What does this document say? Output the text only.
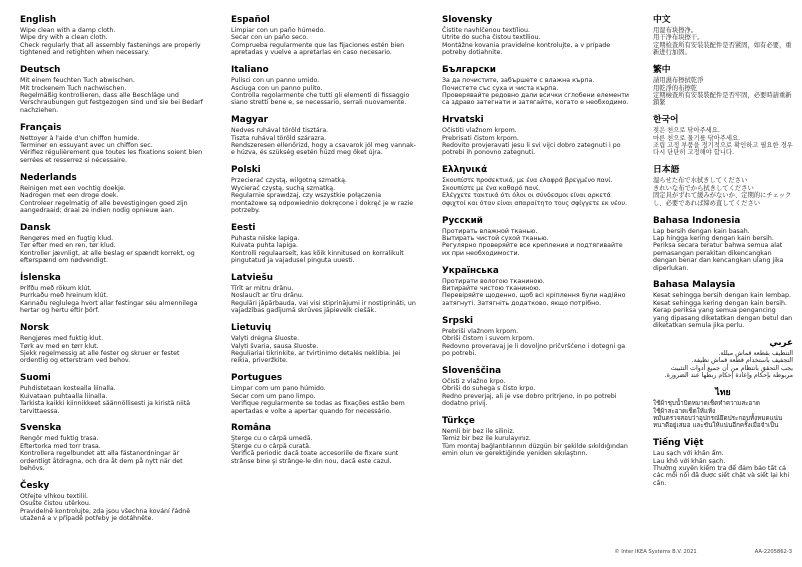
English
Wipe clean with a damp cloth.
Wipe dry with a clean cloth.
Check regularly that all assembly fastenings are properly tightened and retighten when necessary.
Deutsch
Mit einem feuchten Tuch abwischen.
Mit trockenem Tuch nachwischen.
Regelmäßig kontrollieren, dass alle Beschläge und Verschraubungen gut festgezogen sind und sie bei Bedarf nachziehen.
Français
Nettoyer à l'aide d'un chiffon humide.
Terminer en essuyant avec un chiffon sec.
Vérifiez régulièrement que toutes les fixations soient bien serrées et resserrez si nécessaire.
Nederlands
Reinigen met een vochtig doekje.
Nadrogen met een droge doek.
Controleer regelmatig of alle bevestigingen goed zijn aangedraaid; draai ze indien nodig opnieuw aan.
Dansk
Rengøres med en fugtig klud.
Tør efter med en ren, tør klud.
Kontroller jævnligt, at alle beslag er spændt korrekt, og efterspænd om nødvendigt.
Íslenska
Þrífðu með rökum klút.
Þurrkaðu með hreinum klút.
Kannaðu reglulega hvort allar festingar séu almennilega hertar og hertu eftir þörf.
Norsk
Rengjøres med fuktig klut.
Tørk av med en tørr klut.
Sjekk regelmessig at alle fester og skruer er festet ordentlig og etterstram ved behov.
Suomi
Puhdistetaan kostealla liinalla.
Kuivataan puhtaalla liinalla.
Tarkista kaikki kiinnikkeet säännöllisesti ja kiristä niitä tarvittaessa.
Svenska
Rengör med fuktig trasa.
Eftertorka med torr trasa.
Kontrollera regelbundet att alla fästanordningar är ordentligt åtdragna, och dra åt dem på nytt när det behövs.
Česky
Otřejte vlhkou textilií.
Osušte čistou utěrkou.
Pravidelně kontrolujte, zda jsou všechna kování řádně utažená a v případě potřeby je dotáhněte.
Español
Limpiar con un paño húmedo.
Secar con un paño seco.
Comprueba regularmente que las fijaciones estén bien apretadas y vuelve a apretarlas en caso necesario.
Italiano
Pulisci con un panno umido.
Asciuga con un panno pulito.
Controlla regolarmente che tutti gli elementi di fissaggio siano stretti bene e, se necessario, serrali nuovamente.
Magyar
Nedves ruhával töröld tisztára.
Tiszta ruhával töröld szárazra.
Rendszeresen ellenőrizd, hogy a csavarok jól meg vannak-e húzva, és szükség esetén húzd meg őket újra.
Polski
Przecierać czystą, wilgotną szmatką.
Wycierać czystą, suchą szmatką.
Regularnie sprawdzaj, czy wszystkie połączenia montażowe są odpowiednio dokręcone i dokręć je w razie potrzeby.
Eesti
Puhasta niiske lapiga.
Kuivata puhta lapiga.
Kontrolli regulaarselt, kas kõik kinnitused on korralikult pingutatud ja vajadusel pinguta uuesti.
Latviešu
Tīrīt ar mitru drānu.
Noslaucīt ar tīru drānu.
Regulāri jāpārbauda, vai visi stiprinājumi ir nostiprināti, un vajadzības gadījumā skrūves jāpievelk ciešāk.
Lietuvių
Valyti drėgna šluoste.
Valyti švaria, sausa šluoste.
Reguliariai tikrinkite, ar tvirtinimo detalės neklibia. Jei reikia, priveržkite.
Portugues
Limpar com um pano húmido.
Secar com um pano limpo.
Verifique regularmente se todas as fixações estão bem apertadas e volte a apertar quando for necessário.
Româna
Şterge cu o cârpă umedă.
Şterge cu o cârpă curată.
Verifică periodic dacă toate accesoriile de fixare sunt strânse bine şi strânge-le din nou, dacă este cazul.
Slovensky
Čistite navhlčenou textíliou.
Utrite do sucha čistou textíliou.
Montážne kovania pravidelne kontrolujte, a v prípade potreby dotiahnite.
Български
За да почистите, забършете с влажна кърпа.
Почистете със суха и чиста кърпа.
Проверявайте редовно дали всички сглобени елементи са здраво затегнати и затягайте, когато е необходимо.
Hrvatski
Očistiti vlažnom krpom.
Prebrisati čistom krpom.
Redovito provjeravati jesu li svi vijci dobro zategnuti i po potrebi ih ponovno zategnuti.
Ελληνικά
Σκουπίστε προσεκτικά, με ένα ελαφρά βρεγμένο πανί.
Σκουπίστε με ένα καθαρό πανί.
Ελέγχετε τακτικά ότι όλοι οι σύνδεσμοι είναι αρκετά σφιχτοί και όταν είναι απαραίτητο τους σφίγγετε εκ νέου.
Русский
Протирать влажной тканью.
Вытирать чистой сухой тканью.
Регулярно проверяйте все крепления и подтягивайте их при необходимости.
Українська
Протирати вологою тканиною.
Витирайте чистою тканиною.
Перевіряйте щоденно, щоб всі кріплення були надійно затягнуті. Затягніть додатково, якщо потрібно.
Srpski
Prebriši vlažnom krpom.
Obriši čistom i suvom krpom.
Redovno proveravaj je li dovoljno pričvršćeno i dotegni ga po potrebi.
Slovenščina
Očisti z vlažno krpo.
Obriši do suhega s čisto krpo.
Redno preverjaj, ali je vse dobro pritrjeno, in po potrebi dodatno privij.
Türkçe
Nemli bir bez ile siliniz.
Temiz bir bez ile kurulayınız.
Tüm montaj bağlantılarının düzgün bir şekilde sıkıldığından emin olun ve gerektiğinde yeniden sıkılaştırın.
中文
用湿布块擦净。
用干净布块擦干。
定期检查所有安装装配件是否紧固，如有必要，重新进行加固。
繁中
請用濕布擦拭乾淨
用乾淨的布擦乾
定期檢查所有安裝裝配件是否牢固，必要時請重新鎖緊
한국어
젖은 천으로 닦아주세요.
마른 천으로 물기를 닦아주세요.
조립 고정 부품을 정기적으로 확인하고 필요한 경우 다시 단단히 고정해야 합니다.
日本語
湿らせた布で水拭きしてください
きれいな布でから拭きしてください
固定具がずれて緩みがないか、定期的にチェックし、必要であれば締め直してください
Bahasa Indonesia
Lap bersih dengan kain basah.
Lap hingga kering dengan kain bersih.
Periksa secara teratur bahwa semua alat pemasangan perakitan dikencangkan dengan benar dan kencangkan ulang jika diperlukan.
Bahasa Malaysia
Kesat sehingga bersih dengan kain lembap.
Kesat sehingga kering dengan kain bersih.
Kerap periksa yang semua pengancing yang dipasang diketatkan dengan betul dan diketatkan semula jika perlu.
عربي
التنظيف بقطعة قماش مبللة.
التجفيف باستخدام قطعة قماش نظيفة.
يجب التحقق بانتظام من أن جميع أدوات التثبيت مربوطة بإحكام وإعادة إحكام ربطها عند الضرورة.
ไทย
ใช้ผ้าชุบน้ำบิดหมาดเช็ดทำความสะอาด
ใช้ผ้าสะอาดเช็ดให้แห้ง
หมั่นตรวจสอบว่าอุปกรณ์ยึดประกอบทั้งหมดแน่นหนาดีอยู่เสมอ และขันให้แน่นอีกครั้งเมื่อจำเป็น
Tiếng Việt
Lau sạch với khăn ẩm.
Lau khô với khăn sạch.
Thường xuyên kiểm tra để đảm bảo tất cả các mối nối đã được siết chặt và siết lại khi cần.
© Inter IKEA Systems B.V. 2021	AA-2205862-3
